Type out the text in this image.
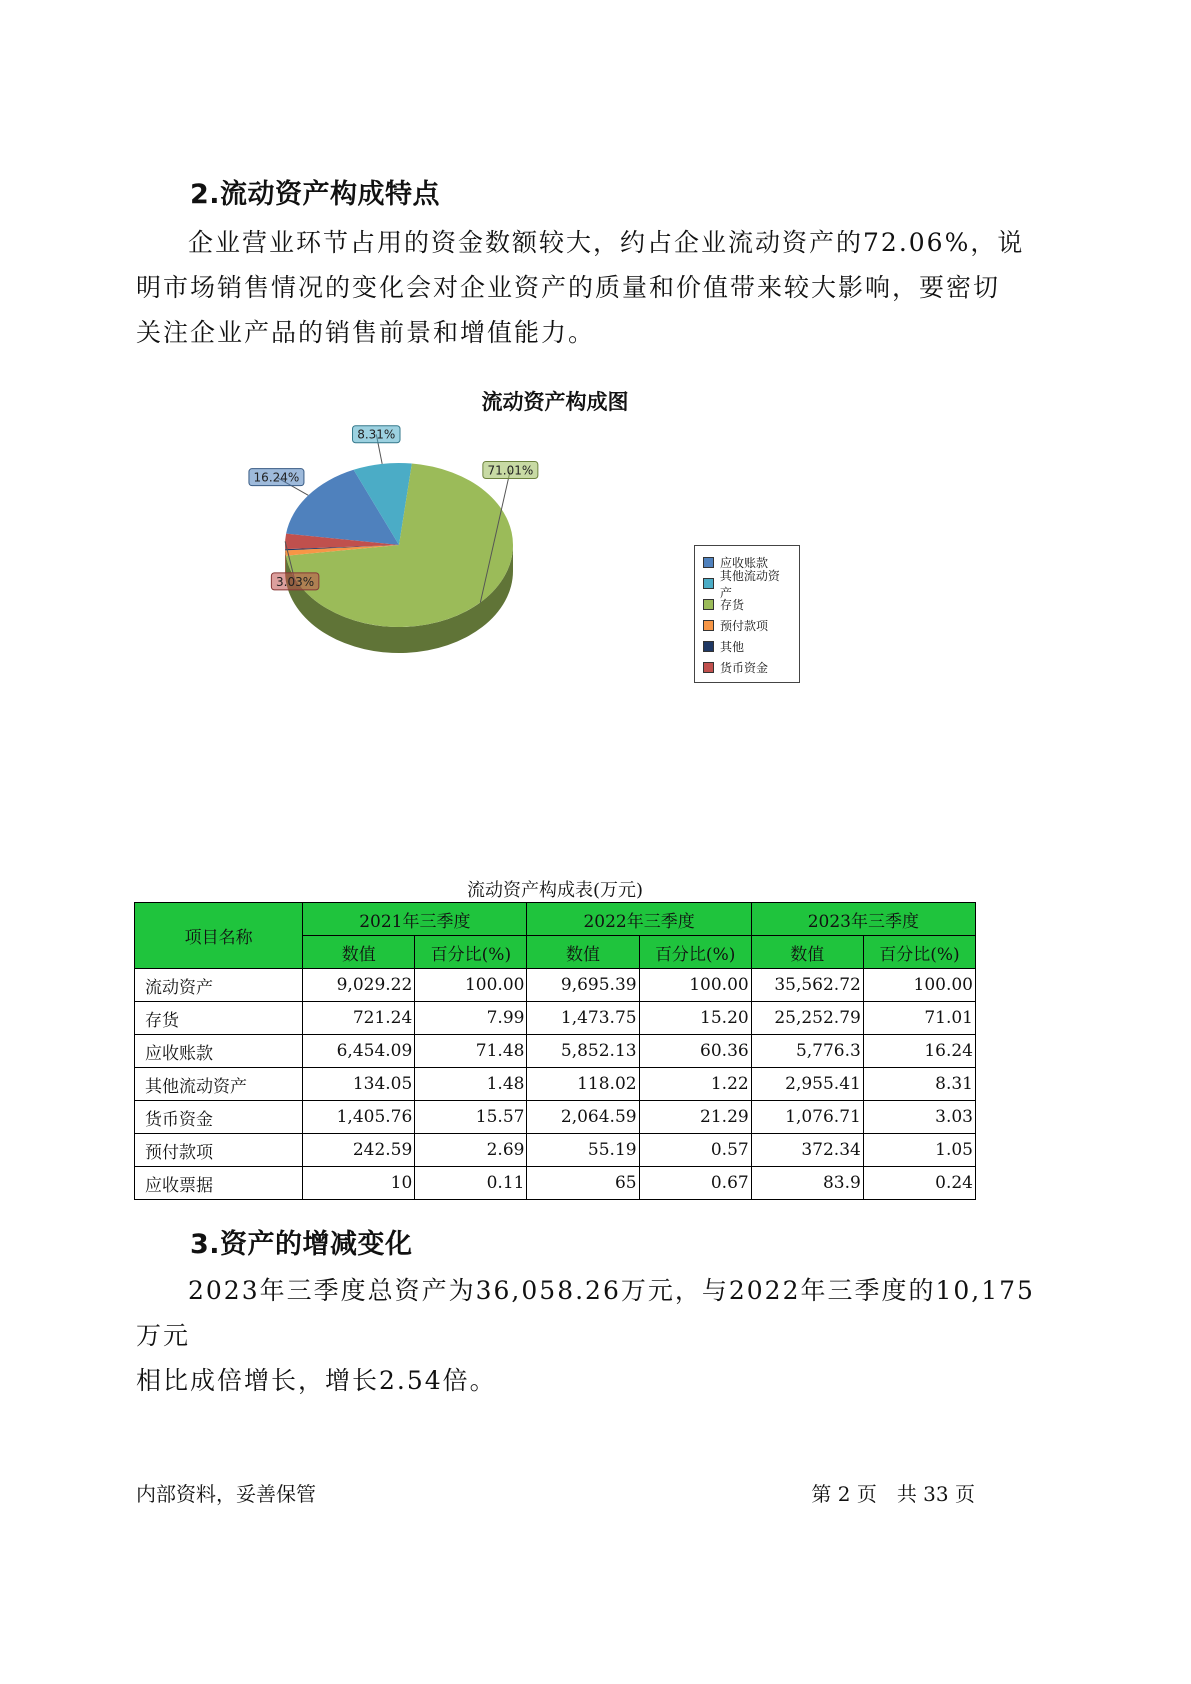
2.流动资产构成特点
企业营业环节占用的资金数额较大，约占企业流动资产的72.06%，说
明市场销售情况的变化会对企业资产的质量和价值带来较大影响，要密切
关注企业产品的销售前景和增值能力。
流动资产构成图
16.24%
8.31%
71.01%
3.03%
应收账款
其他流动资产
存货
预付款项
其他
货币资金
流动资产构成表(万元)
项目名称	2021年三季度		2022年三季度		2023年三季度	
	数值	百分比(%)	数值	百分比(%)	数值	百分比(%)
流动资产	9,029.22	100.00	9,695.39	100.00	35,562.72	100.00
存货	721.24	7.99	1,473.75	15.20	25,252.79	71.01
应收账款	6,454.09	71.48	5,852.13	60.36	5,776.3	16.24
其他流动资产	134.05	1.48	118.02	1.22	2,955.41	8.31
货币资金	1,405.76	15.57	2,064.59	21.29	1,076.71	3.03
预付款项	242.59	2.69	55.19	0.57	372.34	1.05
应收票据	10	0.11	65	0.67	83.9	0.24
3.资产的增减变化
2023年三季度总资产为36,058.26万元，与2022年三季度的10,175万元
相比成倍增长，增长2.54倍。
内部资料，妥善保管	第 2 页　共 33 页
